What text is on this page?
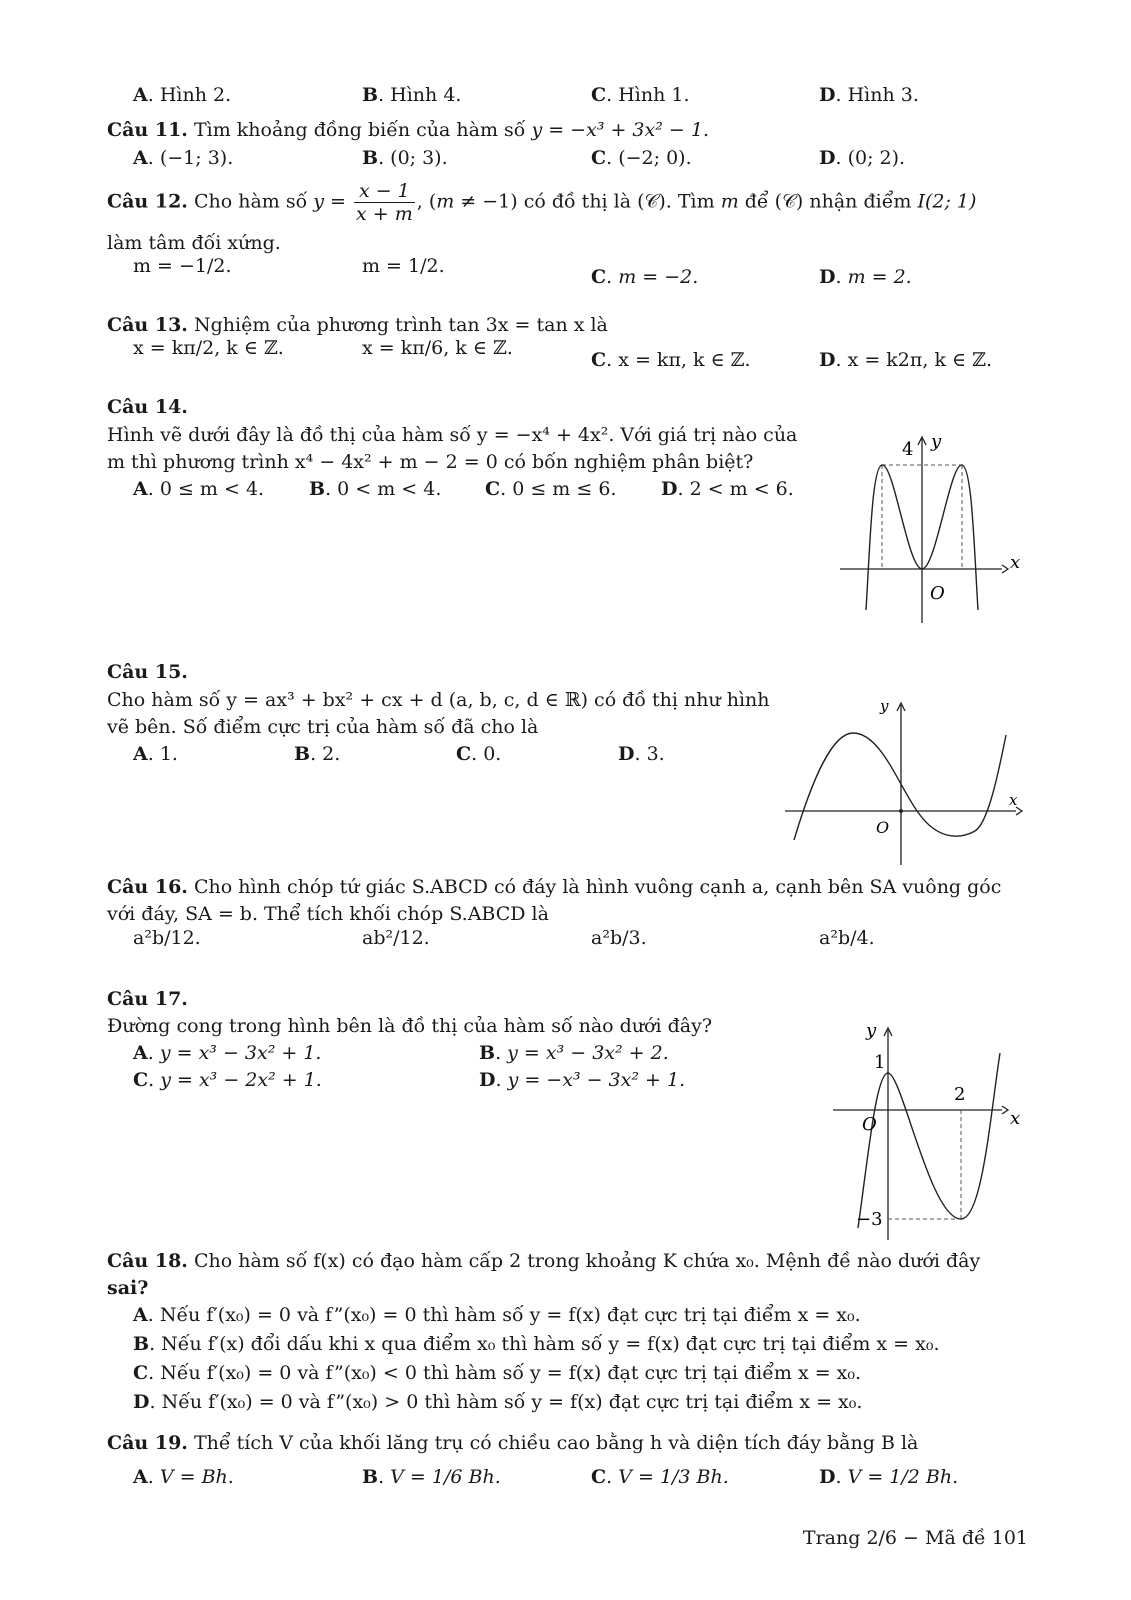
A. Hình 2.	B. Hình 4.	C. Hình 1.	D. Hình 3.
Câu 11. Tìm khoảng đồng biến của hàm số y = −x³ + 3x² − 1.
A. (−1; 3).	B. (0; 3).	C. (−2; 0).	D. (0; 2).
Câu 12. Cho hàm số $y = \frac{x - 1}{x + m}$ , (m ≠ −1) có đồ thị là (𝒞). Tìm m để (𝒞) nhận điểm I(2; 1)
làm tâm đối xứng.
m = −1/2.	m = 1/2.	C. m = −2.	D. m = 2.
Câu 13. Nghiệm của phương trình tan 3x = tan x là
x = kπ/2, k ∈ ℤ.	x = kπ/6, k ∈ ℤ.
C. x = kπ, k ∈ ℤ.	D. x = k2π, k ∈ ℤ.
Câu 14.
Hình vẽ dưới đây là đồ thị của hàm số y = −x⁴ + 4x². Với giá trị nào của
m thì phương trình x⁴ − 4x² + m − 2 = 0 có bốn nghiệm phân biệt?
A. 0 ≤ m < 4. B. 0 < m < 4. C. 0 ≤ m ≤ 6. D. 2 < m < 6.
4 y
x
O
Câu 15.
Cho hàm số y = ax³ + bx² + cx + d (a, b, c, d ∈ ℝ) có đồ thị như hình
vẽ bên. Số điểm cực trị của hàm số đã cho là
A. 1.	B. 2.	C. 0.	D. 3.
y
x
O
Câu 16. Cho hình chóp tứ giác S.ABCD có đáy là hình vuông cạnh a, cạnh bên SA vuông góc
với đáy, SA = b. Thể tích khối chóp S.ABCD là
a²b/12.	ab²/12.	a²b/3.	a²b/4.
Câu 17.
Đường cong trong hình bên là đồ thị của hàm số nào dưới đây?
A. y = x³ − 3x² + 1.	B. y = x³ − 3x² + 2.
C. y = x³ − 2x² + 1.	D. y = −x³ − 3x² + 1.
y
1
2
x
O
−3
Câu 18. Cho hàm số f(x) có đạo hàm cấp 2 trong khoảng K chứa x₀. Mệnh đề nào dưới đây
sai?
A. Nếu f′(x₀) = 0 và f”(x₀) = 0 thì hàm số y = f(x) đạt cực trị tại điểm x = x₀.
B. Nếu f′(x) đổi dấu khi x qua điểm x₀ thì hàm số y = f(x) đạt cực trị tại điểm x = x₀.
C. Nếu f′(x₀) = 0 và f”(x₀) < 0 thì hàm số y = f(x) đạt cực trị tại điểm x = x₀.
D. Nếu f′(x₀) = 0 và f”(x₀) > 0 thì hàm số y = f(x) đạt cực trị tại điểm x = x₀.
Câu 19. Thể tích V của khối lăng trụ có chiều cao bằng h và diện tích đáy bằng B là
A. V = Bh.	B. V = 1/6 Bh.	C. V = 1/3 Bh.	D. V = 1/2 Bh.
Trang 2/6 − Mã đề 101
